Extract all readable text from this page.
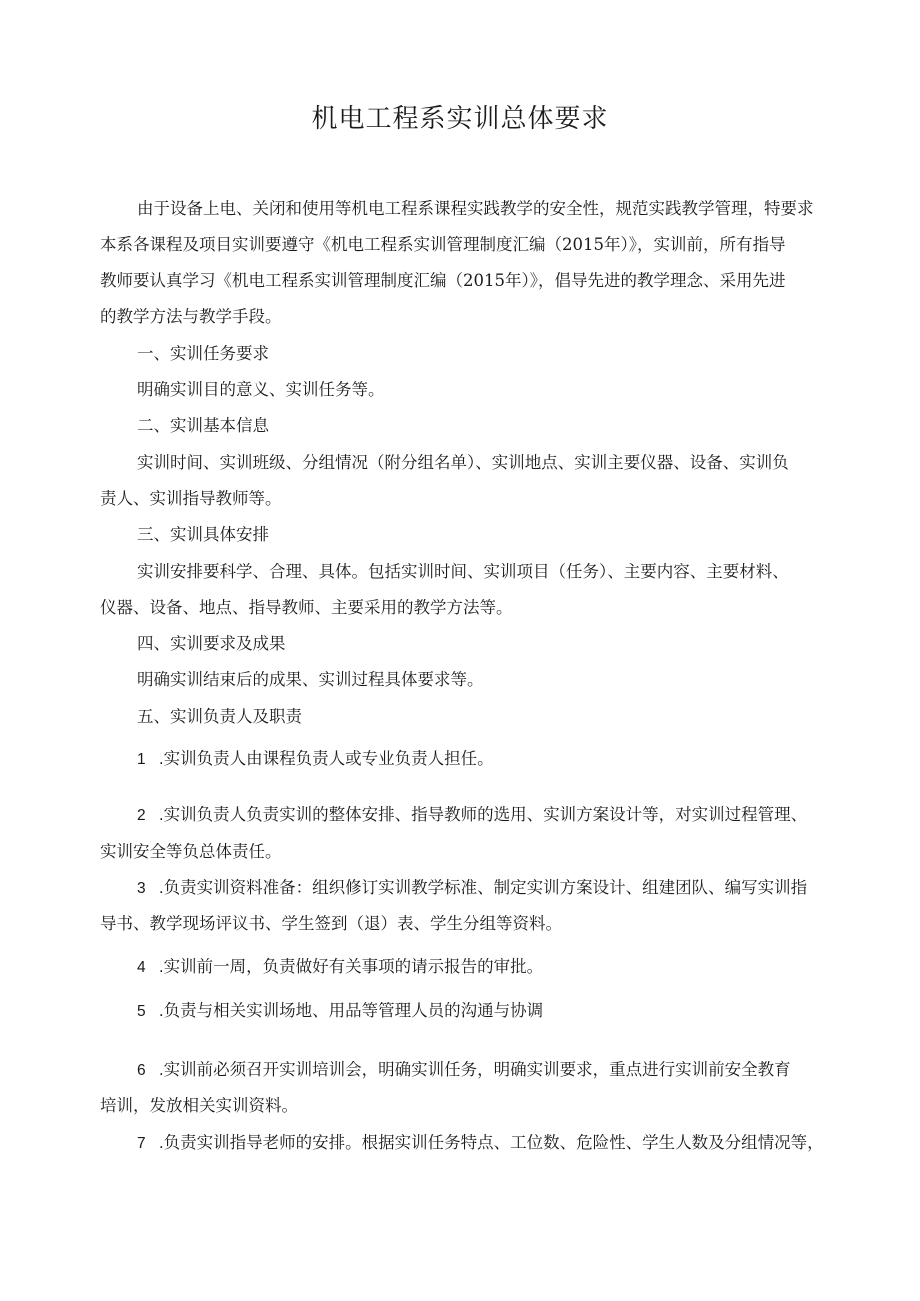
机电工程系实训总体要求
由于设备上电、关闭和使用等机电工程系课程实践教学的安全性，规范实践教学管理，特要求
本系各课程及项目实训要遵守《机电工程系实训管理制度汇编（2015年）》，实训前，所有指导
教师要认真学习《机电工程系实训管理制度汇编（2015年）》，倡导先进的教学理念、采用先进
的教学方法与教学手段。
一、实训任务要求
明确实训目的意义、实训任务等。
二、实训基本信息
实训时间、实训班级、分组情况（附分组名单）、实训地点、实训主要仪器、设备、实训负
责人、实训指导教师等。
三、实训具体安排
实训安排要科学、合理、具体。包括实训时间、实训项目（任务）、主要内容、主要材料、
仪器、设备、地点、指导教师、主要采用的教学方法等。
四、实训要求及成果
明确实训结束后的成果、实训过程具体要求等。
五、实训负责人及职责
1 .实训负责人由课程负责人或专业负责人担任。
2 .实训负责人负责实训的整体安排、指导教师的选用、实训方案设计等，对实训过程管理、
实训安全等负总体责任。
3 .负责实训资料准备：组织修订实训教学标准、制定实训方案设计、组建团队、编写实训指
导书、教学现场评议书、学生签到（退）表、学生分组等资料。
4 .实训前一周，负责做好有关事项的请示报告的审批。
5 .负责与相关实训场地、用品等管理人员的沟通与协调
6 .实训前必须召开实训培训会，明确实训任务，明确实训要求，重点进行实训前安全教育
培训，发放相关实训资料。
7 .负责实训指导老师的安排。根据实训任务特点、工位数、危险性、学生人数及分组情况等，
